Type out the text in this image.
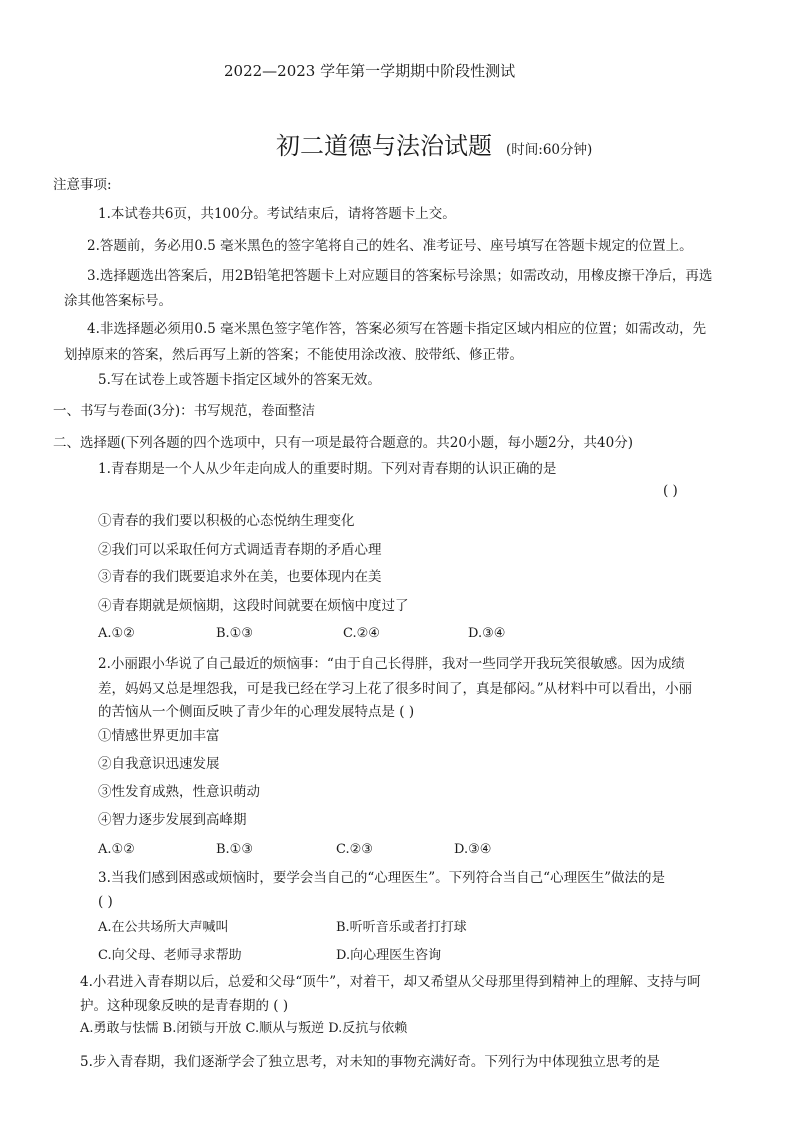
2022—2023 学年第一学期期中阶段性测试
初二道德与法治试题 (时间:60分钟)
注意事项:
1.本试卷共6页，共100分。考试结束后，请将答题卡上交。
2.答题前，务必用0.5 毫米黑色的签字笔将自己的姓名、准考证号、座号填写在答题卡规定的位置上。
3.选择题选出答案后，用2B铅笔把答题卡上对应题目的答案标号涂黑；如需改动，用橡皮擦干净后，再选
涂其他答案标号。
4.非选择题必须用0.5 毫米黑色签字笔作答，答案必须写在答题卡指定区域内相应的位置；如需改动，先
划掉原来的答案，然后再写上新的答案；不能使用涂改液、胶带纸、修正带。
5.写在试卷上或答题卡指定区域外的答案无效。
一、书写与卷面(3分)：书写规范，卷面整洁
二、选择题(下列各题的四个选项中，只有一项是最符合题意的。共20小题，每小题2分，共40分)
1.青春期是一个人从少年走向成人的重要时期。下列对青春期的认识正确的是
( )
①青春的我们要以积极的心态悦纳生理变化
②我们可以采取任何方式调适青春期的矛盾心理
③青春的我们既要追求外在美，也要体现内在美
④青春期就是烦恼期，这段时间就要在烦恼中度过了
A.①②	B.①③	C.②④	D.③④
2.小丽跟小华说了自己最近的烦恼事：“由于自己长得胖，我对一些同学开我玩笑很敏感。因为成绩
差，妈妈又总是埋怨我，可是我已经在学习上花了很多时间了，真是郁闷。”从材料中可以看出，小丽
的苦恼从一个侧面反映了青少年的心理发展特点是 ( )
①情感世界更加丰富
②自我意识迅速发展
③性发育成熟，性意识萌动
④智力逐步发展到高峰期
A.①②	B.①③	C.②③	D.③④
3.当我们感到困惑或烦恼时，要学会当自己的“心理医生”。下列符合当自己“心理医生”做法的是
( )
A.在公共场所大声喊叫	B.听听音乐或者打打球
C.向父母、老师寻求帮助	D.向心理医生咨询
4.小君进入青春期以后，总爱和父母“顶牛”，对着干，却又希望从父母那里得到精神上的理解、支持与呵
护。这种现象反映的是青春期的 ( )
A.勇敢与怯懦 B.闭锁与开放 C.顺从与叛逆 D.反抗与依赖
5.步入青春期，我们逐渐学会了独立思考，对未知的事物充满好奇。下列行为中体现独立思考的是
